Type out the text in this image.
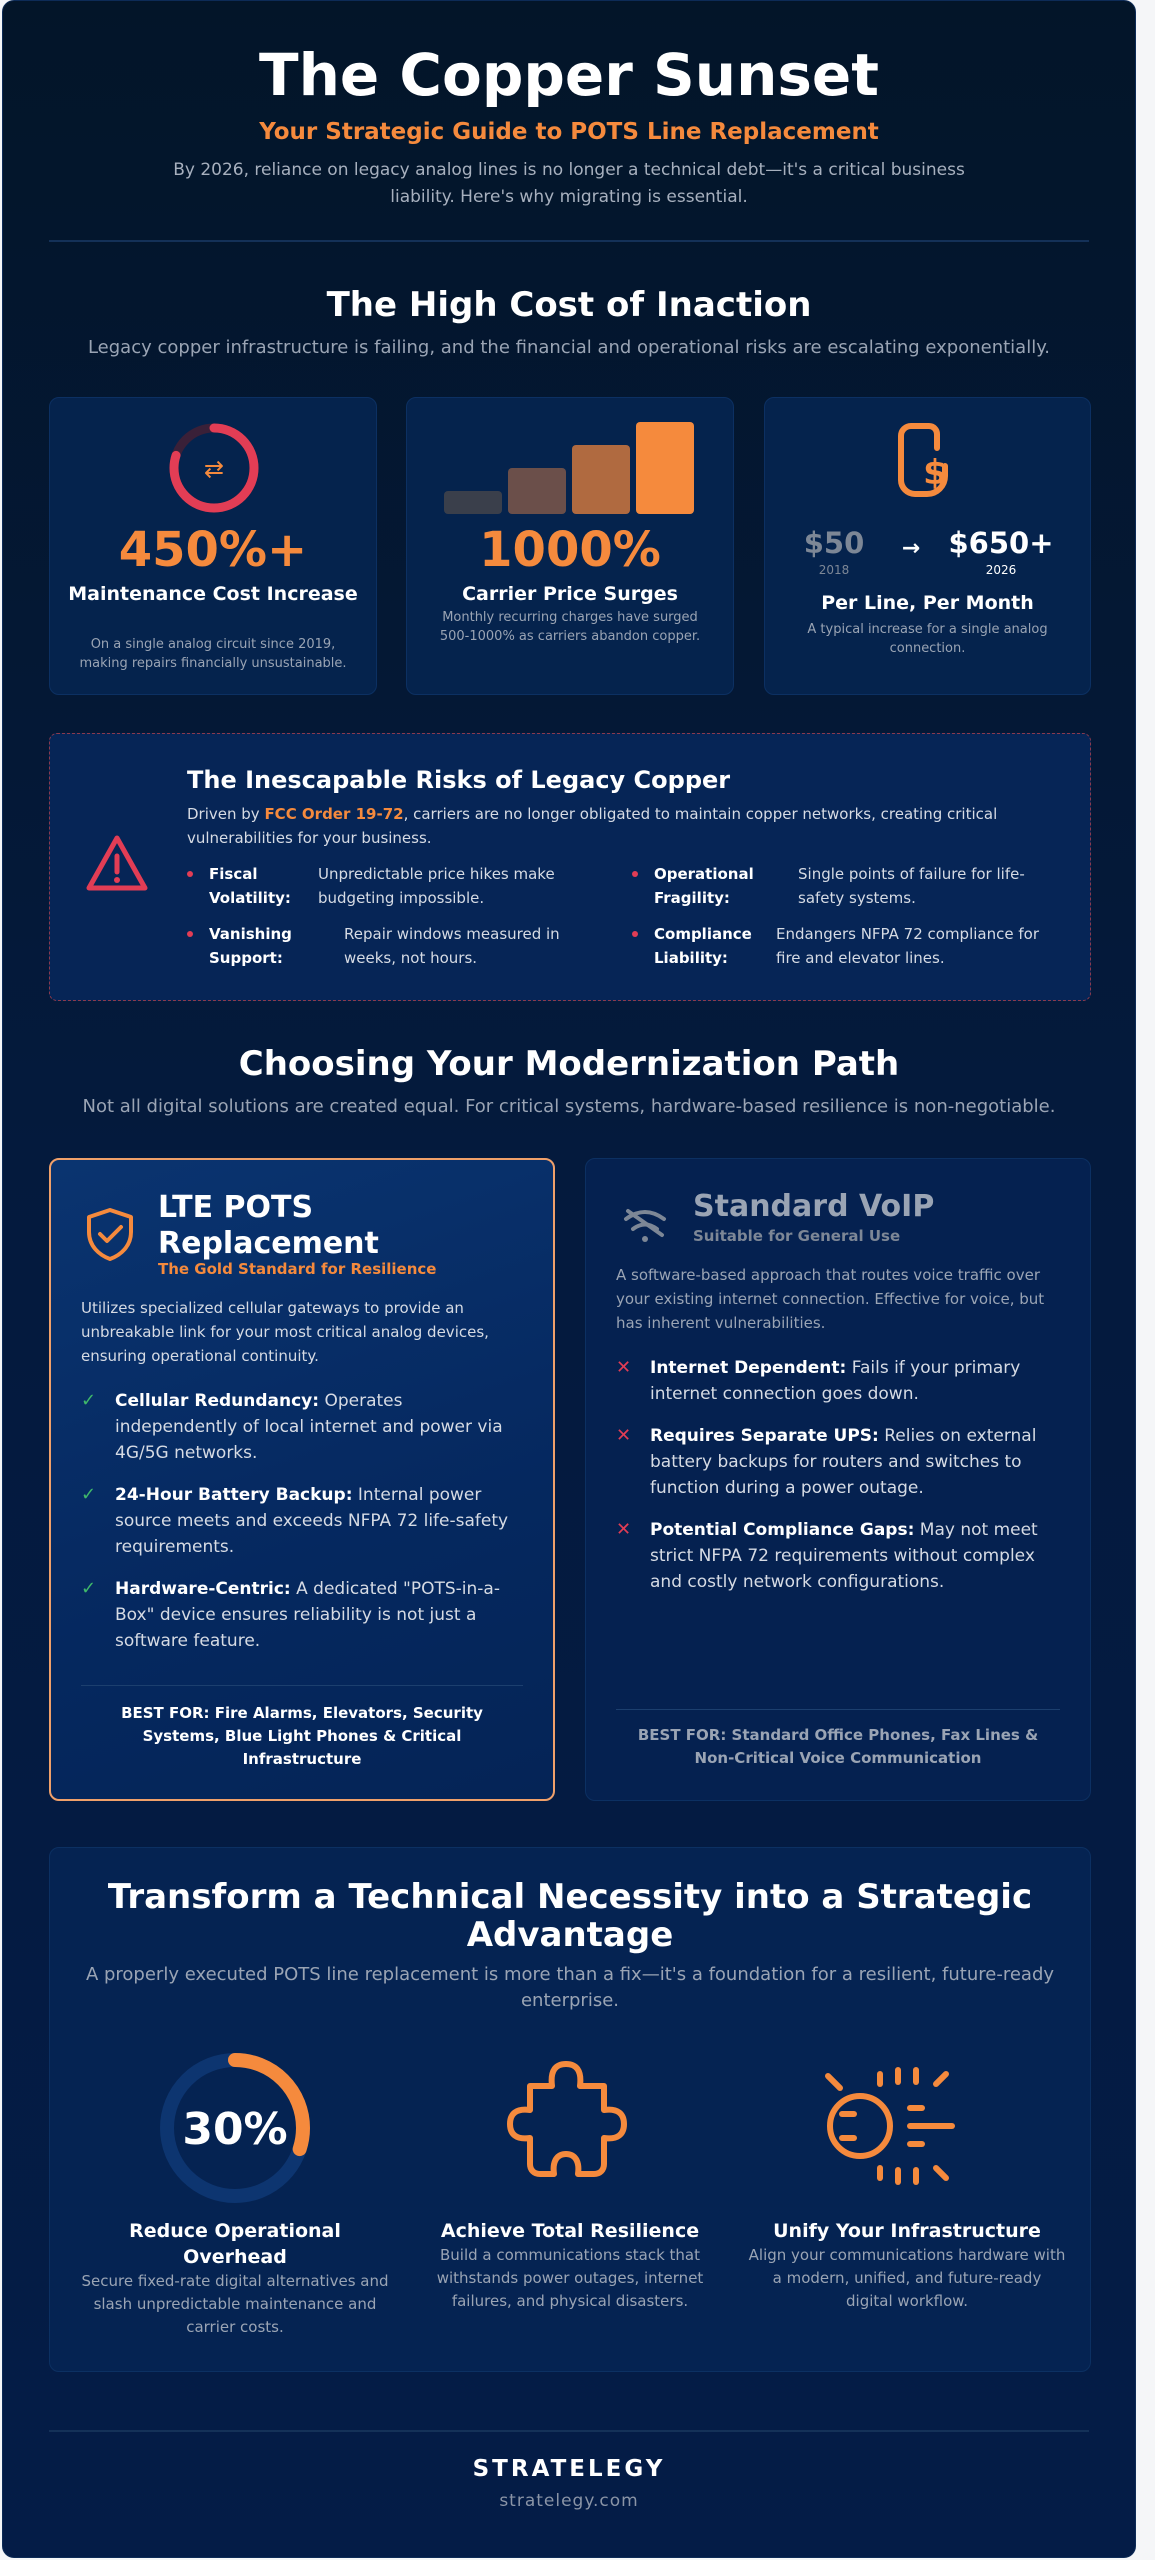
The Copper Sunset
Your Strategic Guide to POTS Line Replacement
By 2026, reliance on legacy analog lines is no longer a technical debt—it's a critical business liability. Here's why migrating is essential.
The High Cost of Inaction
Legacy copper infrastructure is failing, and the financial and operational risks are escalating exponentially.
⇄
450%+
Maintenance Cost Increase
On a single analog circuit since 2019, making repairs financially unsustainable.
1000%
Carrier Price Surges
Monthly recurring charges have surged 500-1000% as carriers abandon copper.
$
$50
2018
→ $650+
2026
Per Line, Per Month
A typical increase for a single analog connection.
The Inescapable Risks of Legacy Copper
Driven by FCC Order 19-72, carriers are no longer obligated to maintain copper networks, creating critical vulnerabilities for your business.
Fiscal
Volatility:
Unpredictable price hikes make
budgeting impossible.
Operational
Fragility:
Single points of failure for life-
safety systems.
Vanishing
Support:
Repair windows measured in
weeks, not hours.
Compliance
Liability:
Endangers NFPA 72 compliance for
fire and elevator lines.
Choosing Your Modernization Path
Not all digital solutions are created equal. For critical systems, hardware-based resilience is non-negotiable.
LTE POTS
Replacement
The Gold Standard for Resilience
Utilizes specialized cellular gateways to provide an unbreakable link for your most critical analog devices, ensuring operational continuity.
✓ Cellular Redundancy: Operates independently of local internet and power via 4G/5G networks.
✓ 24-Hour Battery Backup: Internal power source meets and exceeds NFPA 72 life-safety requirements.
✓ Hardware-Centric: A dedicated "POTS-in-a-Box" device ensures reliability is not just a software feature.
BEST FOR: Fire Alarms, Elevators, Security Systems, Blue Light Phones & Critical Infrastructure
Standard VoIP
Suitable for General Use
A software-based approach that routes voice traffic over your existing internet connection. Effective for voice, but has inherent vulnerabilities.
✕ Internet Dependent: Fails if your primary internet connection goes down.
✕ Requires Separate UPS: Relies on external battery backups for routers and switches to function during a power outage.
✕ Potential Compliance Gaps: May not meet strict NFPA 72 requirements without complex and costly network configurations.
BEST FOR: Standard Office Phones, Fax Lines & Non-Critical Voice Communication
Transform a Technical Necessity into a Strategic Advantage
A properly executed POTS line replacement is more than a fix—it's a foundation for a resilient, future-ready enterprise.
30%
Reduce Operational Overhead
Secure fixed-rate digital alternatives and slash unpredictable maintenance and carrier costs.
Achieve Total Resilience
Build a communications stack that withstands power outages, internet failures, and physical disasters.
Unify Your Infrastructure
Align your communications hardware with a modern, unified, and future-ready digital workflow.
STRATELEGY
stratelegy.com
